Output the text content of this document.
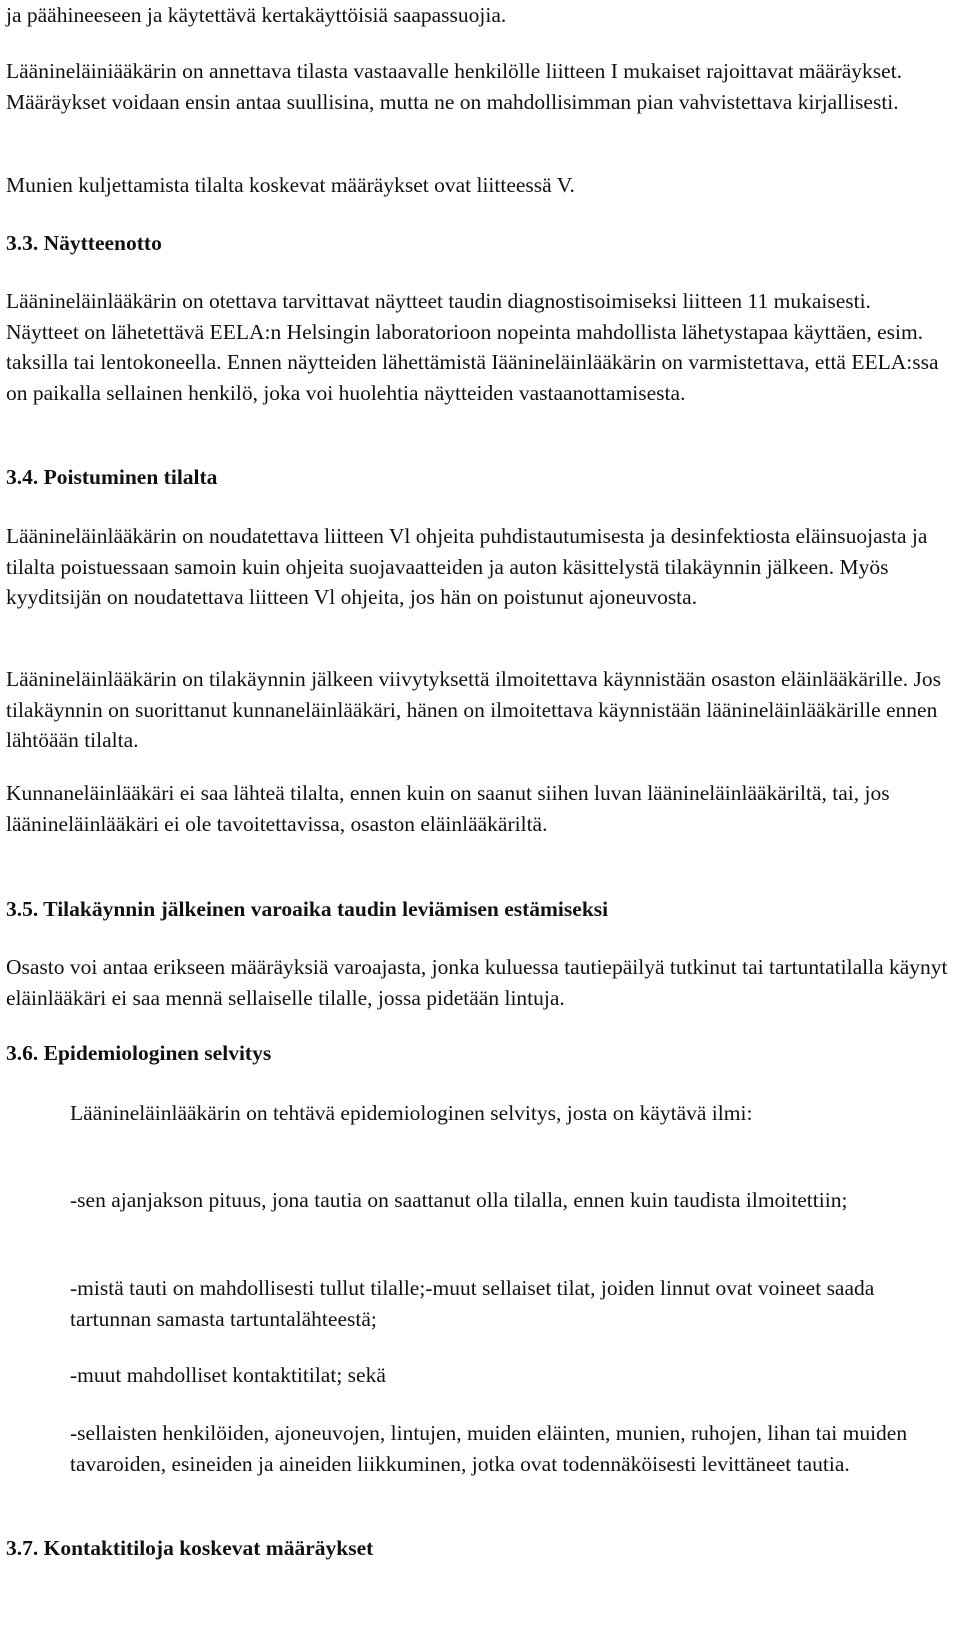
ja päähineeseen ja käytettävä kertakäyttöisiä saapassuojia.

Läänineläiniääkärin on annettava tilasta vastaavalle henkilölle liitteen I mukaiset rajoittavat määräykset. Määräykset voidaan ensin antaa suullisina, mutta ne on mahdollisimman pian vahvistettava kirjallisesti.

Munien kuljettamista tilalta koskevat määräykset ovat liitteessä V.

3.3. Näytteenotto

Läänineläinlääkärin on otettava tarvittavat näytteet taudin diagnostisoimiseksi liitteen 11 mukaisesti. Näytteet on lähetettävä EELA:n Helsingin laboratorioon nopeinta mahdollista lähetystapaa käyttäen, esim. taksilla tai lentokoneella. Ennen näytteiden lähettämistä Iäänineläinlääkärin on varmistettava, että EELA:ssa on paikalla sellainen henkilö, joka voi huolehtia näytteiden vastaanottamisesta.

3.4. Poistuminen tilalta

Läänineläinlääkärin on noudatettava liitteen Vl ohjeita puhdistautumisesta ja desinfektiosta eläinsuojasta ja tilalta poistuessaan samoin kuin ohjeita suojavaatteiden ja auton käsittelystä tilakäynnin jälkeen. Myös kyyditsijän on noudatettava liitteen Vl ohjeita, jos hän on poistunut ajoneuvosta.

Läänineläinlääkärin on tilakäynnin jälkeen viivytyksettä ilmoitettava käynnistään osaston eläinlääkärille. Jos tilakäynnin on suorittanut kunnaneläinlääkäri, hänen on ilmoitettava käynnistään läänineläinlääkärille ennen lähtöään tilalta.

Kunnaneläinlääkäri ei saa lähteä tilalta, ennen kuin on saanut siihen luvan läänineläinlääkäriltä, tai, jos läänineläinlääkäri ei ole tavoitettavissa, osaston eläinlääkäriltä.

3.5. Tilakäynnin jälkeinen varoaika taudin leviämisen estämiseksi

Osasto voi antaa erikseen määräyksiä varoajasta, jonka kuluessa tautiepäilyä tutkinut tai tartuntatilalla käynyt eläinlääkäri ei saa mennä sellaiselle tilalle, jossa pidetään lintuja.

3.6. Epidemiologinen selvitys

Läänineläinlääkärin on tehtävä epidemiologinen selvitys, josta on käytävä ilmi:

-sen ajanjakson pituus, jona tautia on saattanut olla tilalla, ennen kuin taudista ilmoitettiin;

-mistä tauti on mahdollisesti tullut tilalle;-muut sellaiset tilat, joiden linnut ovat voineet saada tartunnan samasta tartuntalähteestä;

-muut mahdolliset kontaktitilat; sekä

-sellaisten henkilöiden, ajoneuvojen, lintujen, muiden eläinten, munien, ruhojen, lihan tai muiden tavaroiden, esineiden ja aineiden liikkuminen, jotka ovat todennäköisesti levittäneet tautia.

3.7. Kontaktitiloja koskevat määräykset
